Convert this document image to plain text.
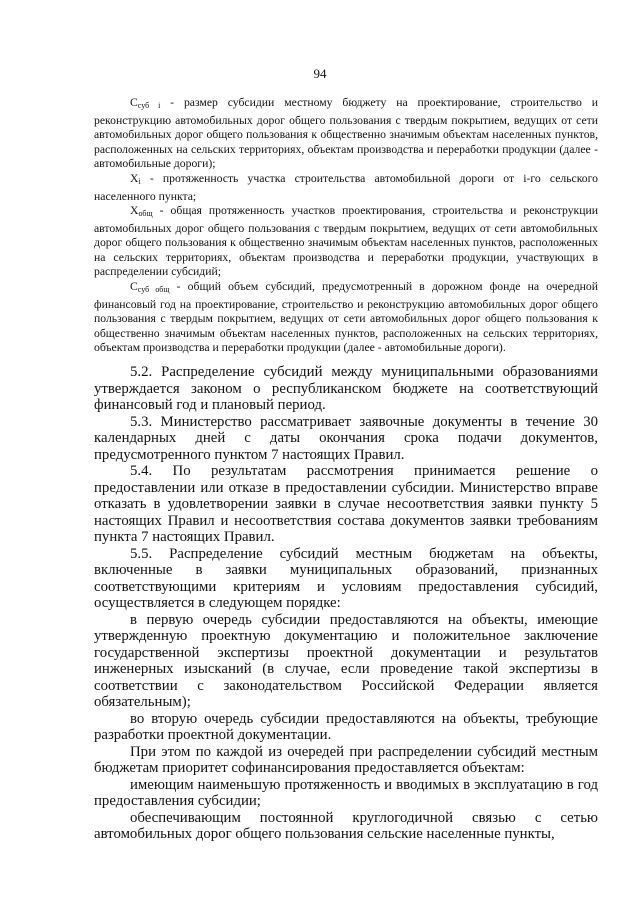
94

$С_{суб i}$ - размер субсидии местному бюджету на проектирование, строительство и реконструкцию автомобильных дорог общего пользования с твердым покрытием, ведущих от сети автомобильных дорог общего пользования к общественно значимым объектам населенных пунктов, расположенных на сельских территориях, объектам производства и переработки продукции (далее - автомобильные дороги);

$X_i$ - протяженность участка строительства автомобильной дороги от i-го сельского населенного пункта;

$X_{общ}$ - общая протяженность участков проектирования, строительства и реконструкции автомобильных дорог общего пользования с твердым покрытием, ведущих от сети автомобильных дорог общего пользования к общественно значимым объектам населенных пунктов, расположенных на сельских территориях, объектам производства и переработки продукции, участвующих в распределении субсидий;

$С_{суб общ}$ - общий объем субсидий, предусмотренный в дорожном фонде на очередной финансовый год на проектирование, строительство и реконструкцию автомобильных дорог общего пользования с твердым покрытием, ведущих от сети автомобильных дорог общего пользования к общественно значимым объектам населенных пунктов, расположенных на сельских территориях, объектам производства и переработки продукции (далее - автомобильные дороги).

5.2. Распределение субсидий между муниципальными образованиями утверждается законом о республиканском бюджете на соответствующий финансовый год и плановый период.

5.3. Министерство рассматривает заявочные документы в течение 30 календарных дней с даты окончания срока подачи документов, предусмотренного пунктом 7 настоящих Правил.

5.4. По результатам рассмотрения принимается решение о предоставлении или отказе в предоставлении субсидии. Министерство вправе отказать в удовлетворении заявки в случае несоответствия заявки пункту 5 настоящих Правил и несоответствия состава документов заявки требованиям пункта 7 настоящих Правил.

5.5. Распределение субсидий местным бюджетам на объекты, включенные в заявки муниципальных образований, признанных соответствующими критериям и условиям предоставления субсидий, осуществляется в следующем порядке:

в первую очередь субсидии предоставляются на объекты, имеющие утвержденную проектную документацию и положительное заключение государственной экспертизы проектной документации и результатов инженерных изысканий (в случае, если проведение такой экспертизы в соответствии с законодательством Российской Федерации является обязательным);

во вторую очередь субсидии предоставляются на объекты, требующие разработки проектной документации.

При этом по каждой из очередей при распределении субсидий местным бюджетам приоритет софинансирования предоставляется объектам:

имеющим наименьшую протяженность и вводимых в эксплуатацию в год предоставления субсидии;

обеспечивающим постоянной круглогодичной связью с сетью автомобильных дорог общего пользования сельские населенные пункты,
